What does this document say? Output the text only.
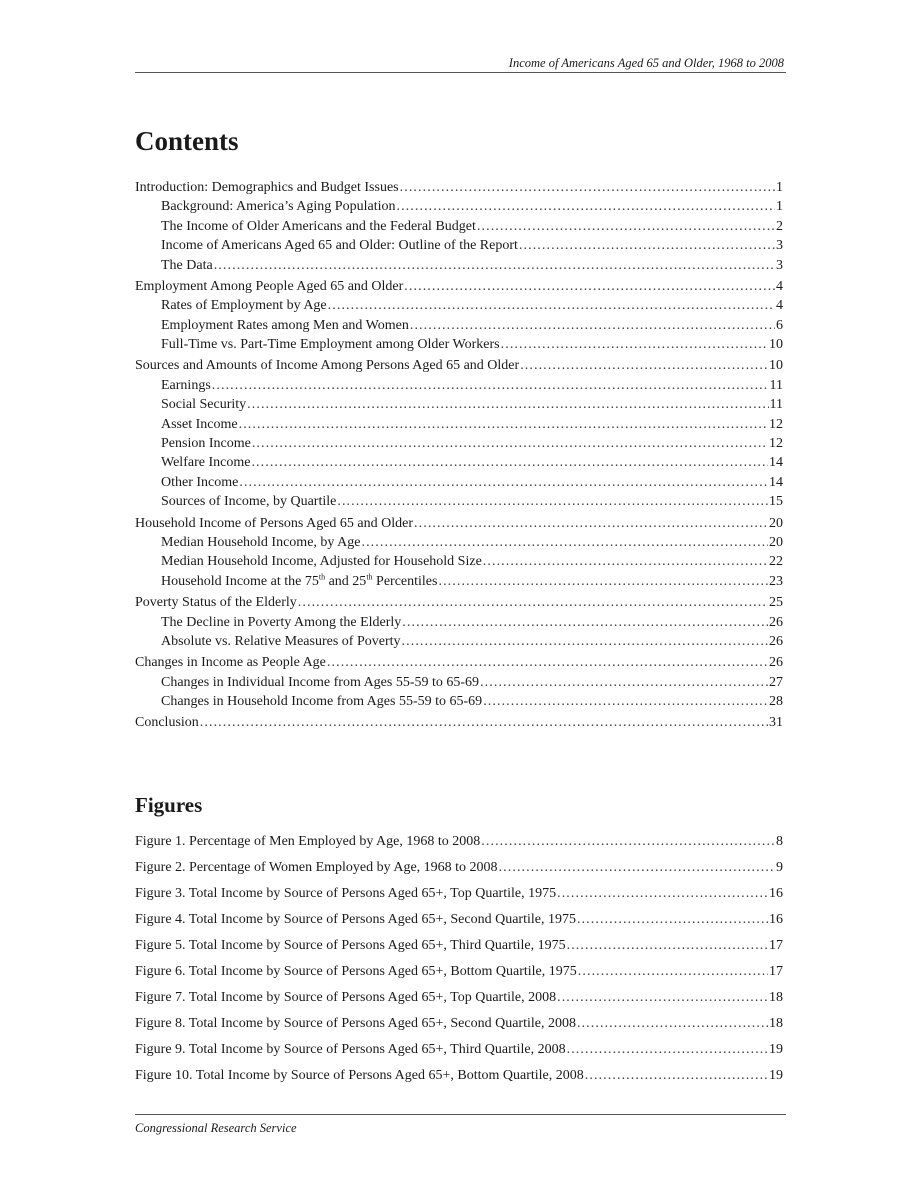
Income of Americans Aged 65 and Older, 1968 to 2008
Contents
Introduction: Demographics and Budget Issues .....	1
Background: America’s Aging Population .....	1
The Income of Older Americans and the Federal Budget .....	2
Income of Americans Aged 65 and Older: Outline of the Report .....	3
The Data .....	3
Employment Among People Aged 65 and Older .....	4
Rates of Employment by Age .....	4
Employment Rates among Men and Women .....	6
Full-Time vs. Part-Time Employment among Older Workers .....	10
Sources and Amounts of Income Among Persons Aged 65 and Older .....	10
Earnings .....	11
Social Security .....	11
Asset Income .....	12
Pension Income .....	12
Welfare Income .....	14
Other Income .....	14
Sources of Income, by Quartile .....	15
Household Income of Persons Aged 65 and Older .....	20
Median Household Income, by Age .....	20
Median Household Income, Adjusted for Household Size .....	22
Household Income at the 75th and 25th Percentiles .....	23
Poverty Status of the Elderly .....	25
The Decline in Poverty Among the Elderly .....	26
Absolute vs. Relative Measures of Poverty .....	26
Changes in Income as People Age .....	26
Changes in Individual Income from Ages 55-59 to 65-69 .....	27
Changes in Household Income from Ages 55-59 to 65-69 .....	28
Conclusion .....	31
Figures
Figure 1. Percentage of Men Employed by Age, 1968 to 2008 .....	8
Figure 2. Percentage of Women Employed by Age, 1968 to 2008 .....	9
Figure 3. Total Income by Source of Persons Aged 65+, Top Quartile, 1975 .....	16
Figure 4. Total Income by Source of Persons Aged 65+, Second Quartile, 1975 .....	16
Figure 5. Total Income by Source of Persons Aged 65+, Third Quartile, 1975 .....	17
Figure 6. Total Income by Source of Persons Aged 65+, Bottom Quartile, 1975 .....	17
Figure 7. Total Income by Source of Persons Aged 65+, Top Quartile, 2008 .....	18
Figure 8. Total Income by Source of Persons Aged 65+, Second Quartile, 2008 .....	18
Figure 9. Total Income by Source of Persons Aged 65+, Third Quartile, 2008 .....	19
Figure 10. Total Income by Source of Persons Aged 65+, Bottom Quartile, 2008 .....	19
Congressional Research Service
